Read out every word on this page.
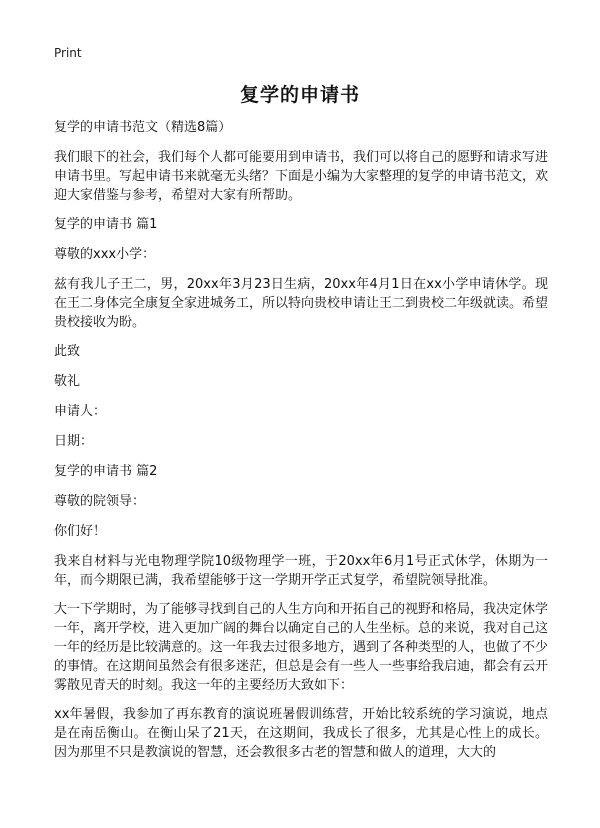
Print
复学的申请书

复学的申请书范文（精选8篇）

我们眼下的社会，我们每个人都可能要用到申请书，我们可以将自己的愿野和请求写进申请书里。写起申请书来就毫无头绪？下面是小编为大家整理的复学的申请书范文，欢迎大家借鉴与参考，希望对大家有所帮助。

复学的申请书 篇1

尊敬的xxx小学：

兹有我儿子王二，男，20xx年3月23日生病，20xx年4月1日在xx小学申请休学。现在王二身体完全康复全家进城务工，所以特向贵校申请让王二到贵校二年级就读。希望贵校接收为盼。

此致

敬礼

申请人：

日期：

复学的申请书 篇2

尊敬的院领导：

你们好！

我来自材料与光电物理学院10级物理学一班，于20xx年6月1号正式休学，休期为一年，而今期限已满，我希望能够于这一学期开学正式复学，希望院领导批准。

大一下学期时，为了能够寻找到自己的人生方向和开拓自己的视野和格局，我决定休学一年，离开学校，进入更加广阔的舞台以确定自己的人生坐标。总的来说，我对自己这一年的经历是比较满意的。这一年我去过很多地方，遇到了各种类型的人，也做了不少的事情。在这期间虽然会有很多迷茫，但总是会有一些人一些事给我启迪，都会有云开雾散见青天的时刻。我这一年的主要经历大致如下：

xx年暑假，我参加了再东教育的演说班暑假训练营，开始比较系统的学习演说，地点是在南岳衡山。在衡山呆了21天，在这期间，我成长了很多，尤其是心性上的成长。因为那里不只是教演说的智慧，还会教很多古老的智慧和做人的道理，大大的
